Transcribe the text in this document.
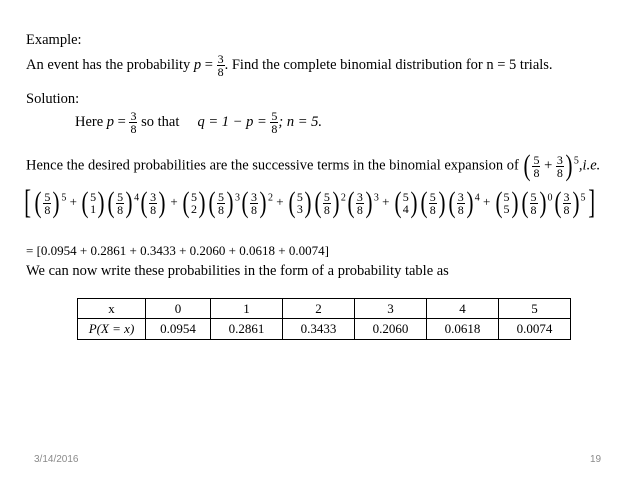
Example:
An event has the probability $p = \frac{3}{8}$ . Find the complete binomial distribution for n = 5 trials.
Solution:
Here $p = \frac{3}{8}$ so that $q = 1 - p = \frac{5}{8}$ ; n = 5.
Hence the desired probabilities are the successive terms in the binomial expansion of ( $\frac{5}{8} + \frac{3}{8}$ ) $^5$,i.e.
[ ( $\frac{5}{8}$ ) $^5$ + ( 5
1 ) ( $\frac{5}{8}$ ) $^4( \frac{3}{8}$ ) + ( 5
2 ) ( $\frac{5}{8}$ ) $^3( \frac{3}{8}$ ) $^2$ + ( 5
3 ) ( $\frac{5}{8}$ ) $^2( \frac{3}{8}$ ) $^3$ + ( 5
4 ) ( $\frac{5}{8}$ ) ( $\frac{3}{8}$ ) $^4$ + ( 5
5 ) ( $\frac{5}{8}$ ) $^0( \frac{3}{8}$ ) $^5$]
= [0.0954 + 0.2861 + 0.3433 + 0.2060 + 0.0618 + 0.0074]
We can now write these probabilities in the form of a probability table as
x	0	1	2	3	4	5
P(X = x)	0.0954	0.2861	0.3433	0.2060	0.0618	0.0074
3/14/2016	19
